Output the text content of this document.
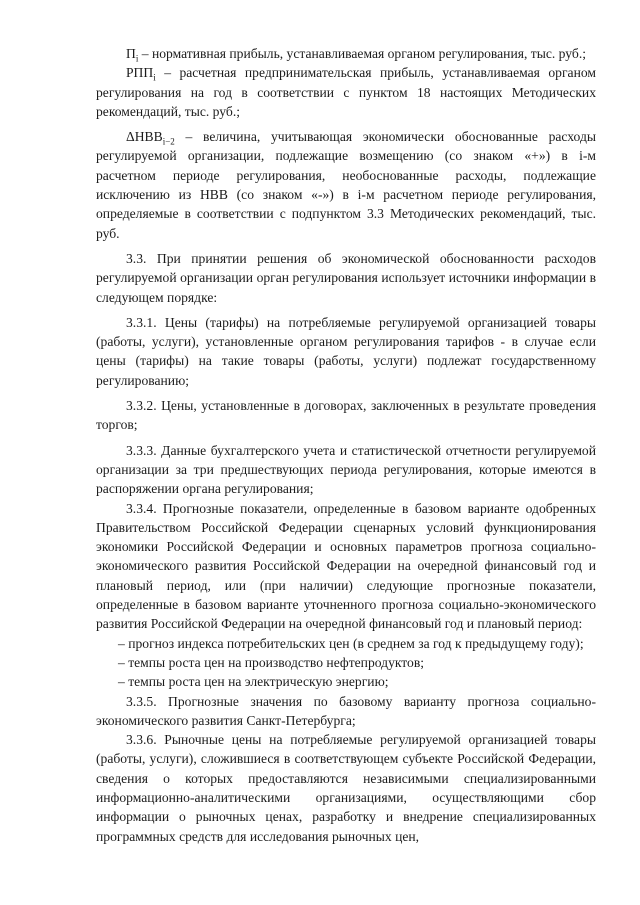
$П_i$ – нормативная прибыль, устанавливаемая органом регулирования, тыс. руб.;

$РПП_i$ – расчетная предпринимательская прибыль, устанавливаемая органом регулирования на год в соответствии с пунктом 18 настоящих Методических рекомендаций, тыс. руб.;

$\Delta НВВ_{i-2}$ – величина, учитывающая экономически обоснованные расходы регулируемой организации, подлежащие возмещению (со знаком «+») в i-м расчетном периоде регулирования, необоснованные расходы, подлежащие исключению из НВВ (со знаком «-») в i-м расчетном периоде регулирования, определяемые в соответствии с подпунктом 3.3 Методических рекомендаций, тыс. руб.

3.3. При принятии решения об экономической обоснованности расходов регулируемой организации орган регулирования использует источники информации в следующем порядке:

3.3.1. Цены (тарифы) на потребляемые регулируемой организацией товары (работы, услуги), установленные органом регулирования тарифов - в случае если цены (тарифы) на такие товары (работы, услуги) подлежат государственному регулированию;

3.3.2. Цены, установленные в договорах, заключенных в результате проведения торгов;

3.3.3. Данные бухгалтерского учета и статистической отчетности регулируемой организации за три предшествующих периода регулирования, которые имеются в распоряжении органа регулирования;

3.3.4. Прогнозные показатели, определенные в базовом варианте одобренных Правительством Российской Федерации сценарных условий функционирования экономики Российской Федерации и основных параметров прогноза социально-экономического развития Российской Федерации на очередной финансовый год и плановый период, или (при наличии) следующие прогнозные показатели, определенные в базовом варианте уточненного прогноза социально-экономического развития Российской Федерации на очередной финансовый год и плановый период:

– прогноз индекса потребительских цен (в среднем за год к предыдущему году);

– темпы роста цен на производство нефтепродуктов;

– темпы роста цен на электрическую энергию;

3.3.5. Прогнозные значения по базовому варианту прогноза социально-экономического развития Санкт-Петербурга;

3.3.6. Рыночные цены на потребляемые регулируемой организацией товары (работы, услуги), сложившиеся в соответствующем субъекте Российской Федерации, сведения о которых предоставляются независимыми специализированными информационно-аналитическими организациями, осуществляющими сбор информации о рыночных ценах, разработку и внедрение специализированных программных средств для исследования рыночных цен,
